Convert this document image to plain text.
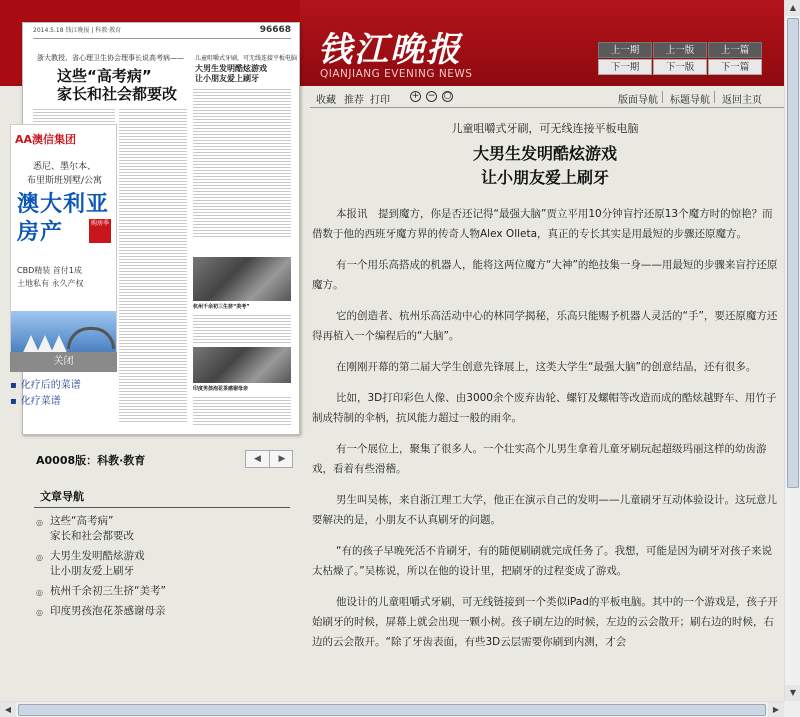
2014.5.18 钱江晚报 | 科教·教育	96668
浙大教授、省心理卫生协会理事长说高考病——
这些“高考病”
家长和社会都要改
儿童咀嚼式牙刷，可无线连接平板电脑
大男生发明酷炫游戏
让小朋友爱上刷牙
杭州千余初三生挤“美考”
印度男孩泡花茶感谢母亲
AA澳信集团
悉尼、墨尔本、
布里斯班别墅/公寓
澳大利亚
房产	购房季
CBD精装 首付1成
土地私有 永久产权
关闭
▪ 化疗后的菜谱
▪ 化疗菜谱
A0008版：科教·教育	◀	▶
文章导航
◎ 这些“高考病”
家长和社会都要改
◎ 大男生发明酷炫游戏
让小朋友爱上刷牙
◎ 杭州千余初三生挤“美考”
◎ 印度男孩泡花茶感谢母亲
钱江晚报
QIANJIANG EVENING NEWS
上一期	上一版	上一篇
下一期	下一版	下一篇
收藏 推荐 打印 + − ○	版面导航 标题导航 返回主页
儿童咀嚼式牙刷，可无线连接平板电脑
大男生发明酷炫游戏
让小朋友爱上刷牙

本报讯　提到魔方，你是否还记得“最强大脑”贾立平用10分钟盲拧还原13个魔方时的惊艳？而借数于他的西班牙魔方界的传奇人物Alex Olleta，真正的专长其实是用最短的步骤还原魔方。

有一个用乐高搭成的机器人，能将这两位魔方“大神”的绝技集一身——用最短的步骤来盲拧还原魔方。

它的创造者、杭州乐高活动中心的林同学揭秘，乐高只能赐予机器人灵活的“手”，要还原魔方还得再植入一个编程后的“大脑”。

在刚刚开幕的第二届大学生创意先锋展上，这类大学生“最强大脑”的创意结晶，还有很多。

比如，3D打印彩色人像、由3000余个废弃齿轮、螺钉及螺帽等改造而成的酷炫越野车、用竹子制成特制的伞柄，抗风能力超过一般的雨伞。

有一个展位上，聚集了很多人。一个壮实高个儿男生拿着儿童牙刷玩起超级玛丽这样的幼齿游戏，看着有些滑稽。

男生叫吴栋，来自浙江理工大学，他正在演示自己的发明——儿童刷牙互动体验设计。这玩意儿要解决的是，小朋友不认真刷牙的问题。

“有的孩子早晚死活不肯刷牙，有的随便刷刷就完成任务了。我想，可能是因为刷牙对孩子来说太枯燥了。”吴栋说，所以在他的设计里，把刷牙的过程变成了游戏。

他设计的儿童咀嚼式牙刷，可无线链接到一个类似iPad的平板电脑。其中的一个游戏是，孩子开始刷牙的时候，屏幕上就会出现一颗小树。孩子刷左边的时候，左边的云会散开；刷右边的时候，右边的云会散开。“除了牙齿表面，有些3D云层需要你刷到内测，才会

▲
▼
◀	▶
